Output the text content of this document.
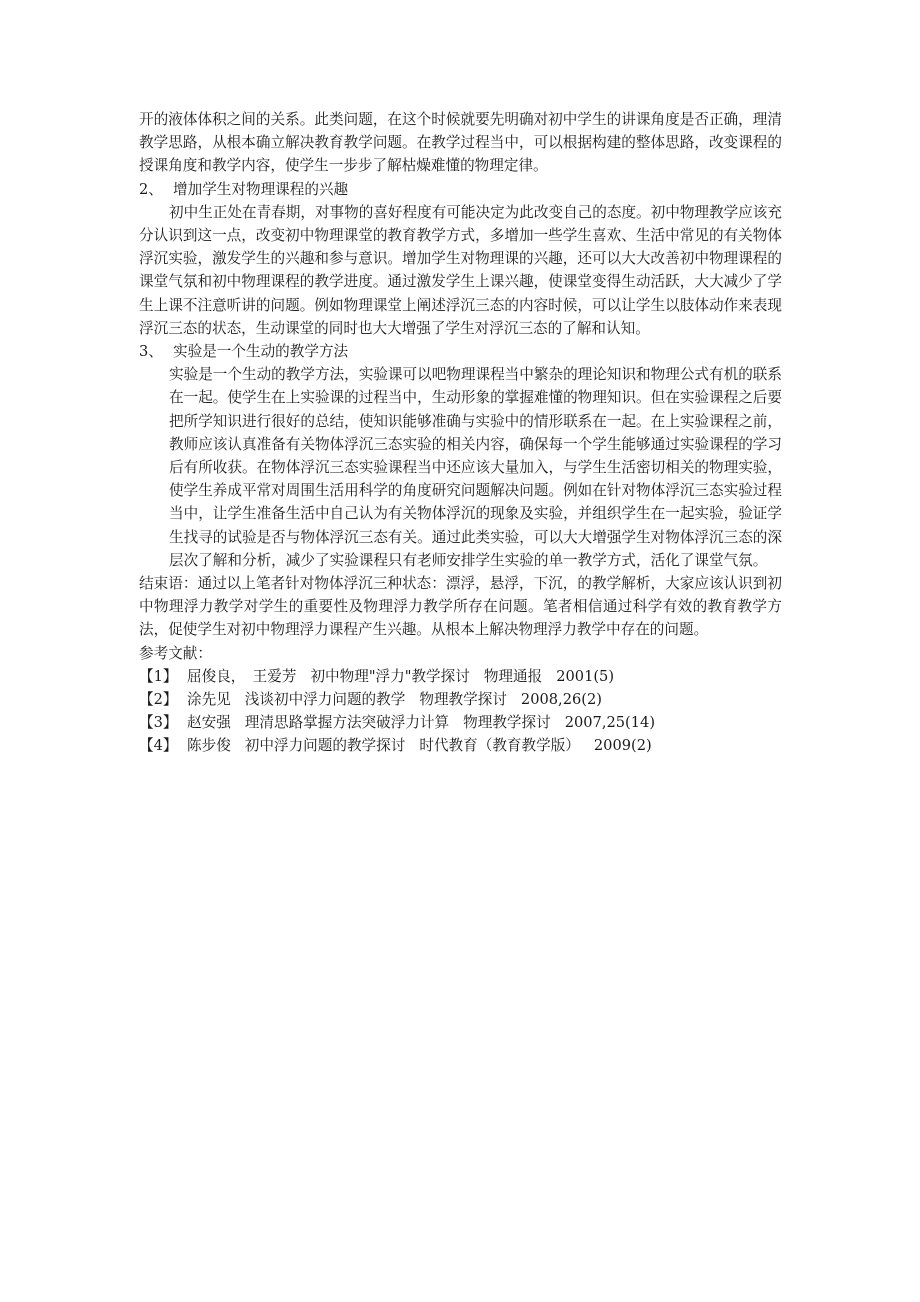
开的液体体积之间的关系。此类问题，在这个时候就要先明确对初中学生的讲课角度是否正确，理清教学思路，从根本确立解决教育教学问题。在教学过程当中，可以根据构建的整体思路，改变课程的授课角度和教学内容，使学生一步步了解枯燥难懂的物理定律。

2、 增加学生对物理课程的兴趣

初中生正处在青春期，对事物的喜好程度有可能决定为此改变自己的态度。初中物理教学应该充分认识到这一点，改变初中物理课堂的教育教学方式，多增加一些学生喜欢、生活中常见的有关物体浮沉实验，激发学生的兴趣和参与意识。增加学生对物理课的兴趣，还可以大大改善初中物理课程的课堂气氛和初中物理课程的教学进度。通过激发学生上课兴趣，使课堂变得生动活跃，大大减少了学生上课不注意听讲的问题。例如物理课堂上阐述浮沉三态的内容时候，可以让学生以肢体动作来表现浮沉三态的状态，生动课堂的同时也大大增强了学生对浮沉三态的了解和认知。

3、 实验是一个生动的教学方法

实验是一个生动的教学方法，实验课可以吧物理课程当中繁杂的理论知识和物理公式有机的联系在一起。使学生在上实验课的过程当中，生动形象的掌握难懂的物理知识。但在实验课程之后要把所学知识进行很好的总结，使知识能够准确与实验中的情形联系在一起。在上实验课程之前，教师应该认真准备有关物体浮沉三态实验的相关内容，确保每一个学生能够通过实验课程的学习后有所收获。在物体浮沉三态实验课程当中还应该大量加入，与学生生活密切相关的物理实验，使学生养成平常对周围生活用科学的角度研究问题解决问题。例如在针对物体浮沉三态实验过程当中，让学生准备生活中自己认为有关物体浮沉的现象及实验，并组织学生在一起实验，验证学生找寻的试验是否与物体浮沉三态有关。通过此类实验，可以大大增强学生对物体浮沉三态的深层次了解和分析，减少了实验课程只有老师安排学生实验的单一教学方式，活化了课堂气氛。

结束语：通过以上笔者针对物体浮沉三种状态：漂浮，悬浮，下沉，的教学解析，大家应该认识到初中物理浮力教学对学生的重要性及物理浮力教学所存在问题。笔者相信通过科学有效的教育教学方法，促使学生对初中物理浮力课程产生兴趣。从根本上解决物理浮力教学中存在的问题。

参考文献：

【1】 屈俊良，　王爱芳 初中物理"浮力"教学探讨 物理通报 2001(5)
【2】 涂先见 浅谈初中浮力问题的教学 物理教学探讨 2008,26(2)
【3】 赵安强 理清思路掌握方法突破浮力计算 物理教学探讨 2007,25(14)
【4】 陈步俊 初中浮力问题的教学探讨 时代教育（教育教学版） 2009(2)
